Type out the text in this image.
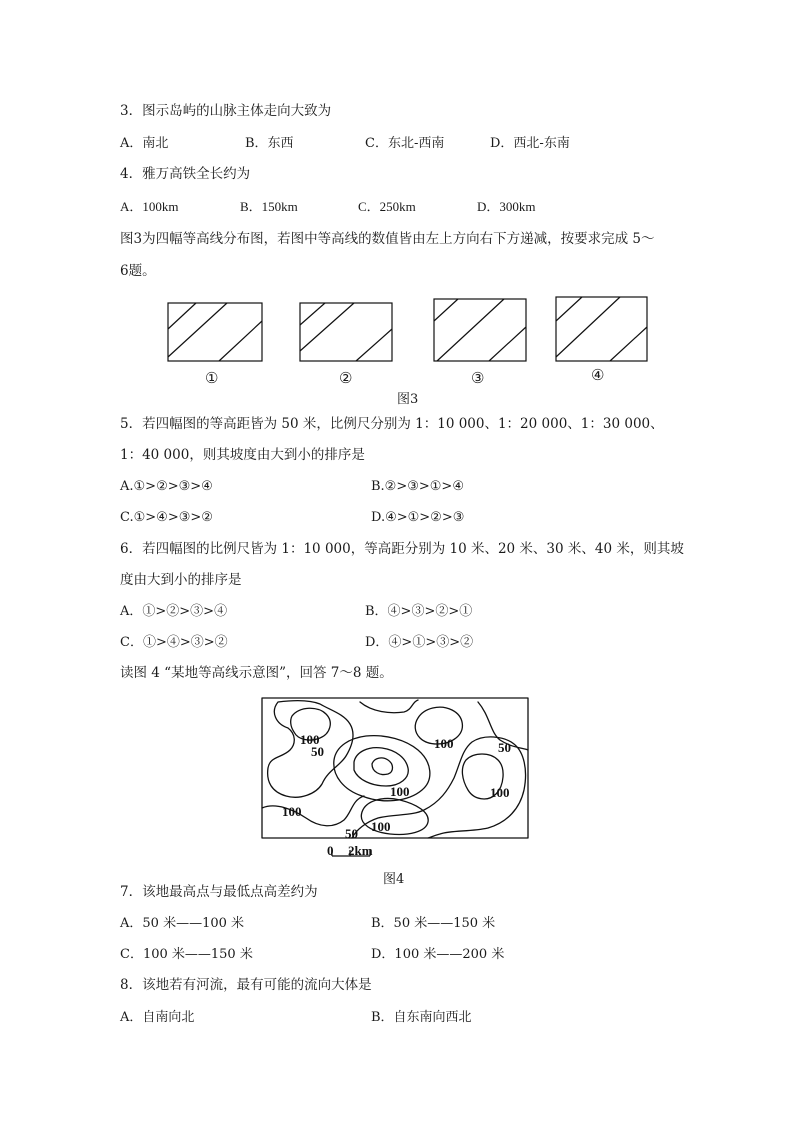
3．图示岛屿的山脉主体走向大致为
A．南北	B．东西	C．东北-西南	D．西北-东南
4．雅万高铁全长约为
A．100km	B．150km	C．250km	D．300km
图3为四幅等高线分布图，若图中等高线的数值皆由左上方向右下方递减，按要求完成 5～
6题。
①	②	③	④
图3
5．若四幅图的等高距皆为 50 米，比例尺分别为 1：10 000、1：20 000、1：30 000、
1：40 000，则其坡度由大到小的排序是
A.①>②>③>④	B.②>③>①>④
C.①>④>③>②	D.④>①>②>③
6．若四幅图的比例尺皆为 1：10 000，等高距分别为 10 米、20 米、30 米、40 米，则其坡
度由大到小的排序是
A．①>②>③>④	B．④>③>②>①
C．①>④>③>②	D．④>①>③>②
读图 4 “某地等高线示意图”，回答 7～8 题。
100
50
100	50
100	100
100
100
50
0 2km
图4
7．该地最高点与最低点高差约为
A．50 米——100 米	B．50 米——150 米
C．100 米——150 米	D．100 米——200 米
8．该地若有河流，最有可能的流向大体是
A．自南向北	B．自东南向西北
